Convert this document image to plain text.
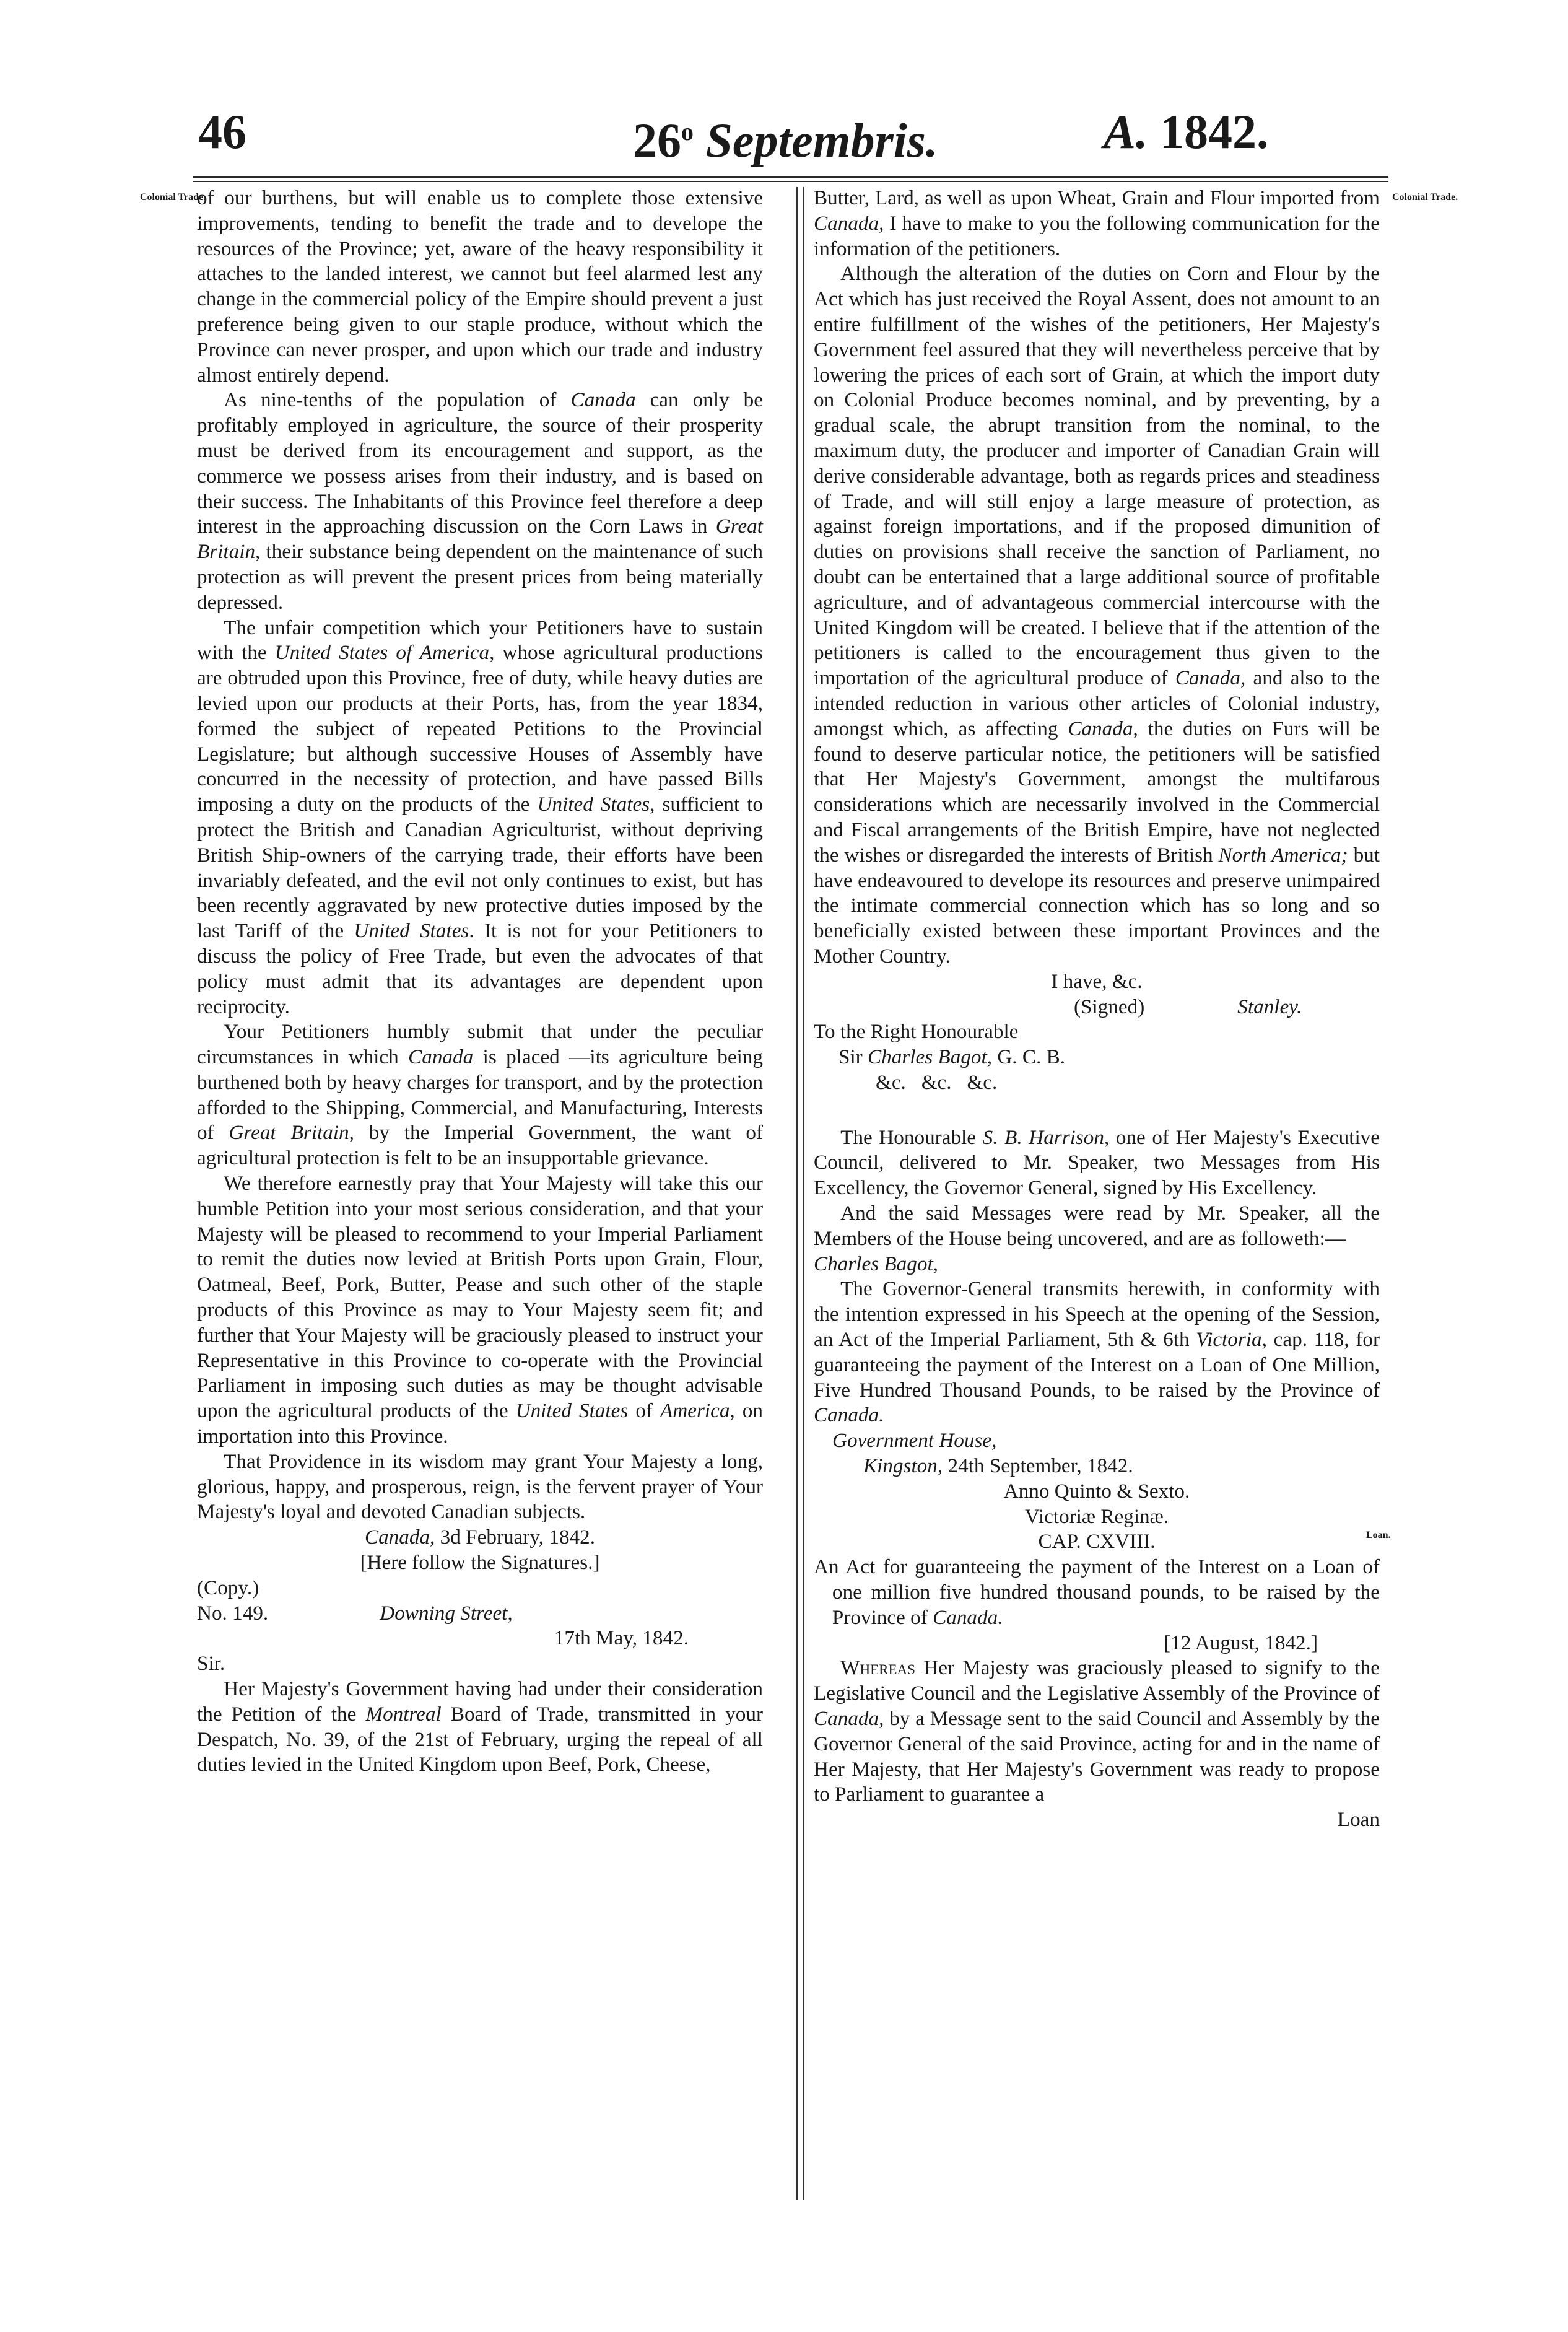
46	26$^o$ Septembris.	A. 1842.
Colonial Trade.	Colonial Trade.
Loan.

of our burthens, but will enable us to complete those extensive improvements, tending to benefit the trade and to develope the resources of the Province; yet, aware of the heavy responsibility it attaches to the landed interest, we cannot but feel alarmed lest any change in the commercial policy of the Empire should prevent a just preference being given to our staple produce, without which the Province can never prosper, and upon which our trade and industry almost entirely depend.

As nine-tenths of the population of Canada can only be profitably employed in agriculture, the source of their prosperity must be derived from its encouragement and support, as the commerce we possess arises from their industry, and is based on their success. The Inhabitants of this Province feel therefore a deep interest in the approaching discussion on the Corn Laws in Great Britain, their substance being dependent on the maintenance of such protection as will prevent the present prices from being materially depressed.

The unfair competition which your Petitioners have to sustain with the United States of America, whose agricultural productions are obtruded upon this Province, free of duty, while heavy duties are levied upon our products at their Ports, has, from the year 1834, formed the subject of repeated Petitions to the Provincial Legislature; but although successive Houses of Assembly have concurred in the necessity of protection, and have passed Bills imposing a duty on the products of the United States, sufficient to protect the British and Canadian Agriculturist, without depriving British Ship-owners of the carrying trade, their efforts have been invariably defeated, and the evil not only continues to exist, but has been recently aggravated by new protective duties imposed by the last Tariff of the United States. It is not for your Petitioners to discuss the policy of Free Trade, but even the advocates of that policy must admit that its advantages are dependent upon reciprocity.

Your Petitioners humbly submit that under the peculiar circumstances in which Canada is placed —its agriculture being burthened both by heavy charges for transport, and by the protection afforded to the Shipping, Commercial, and Manufacturing, Interests of Great Britain, by the Imperial Government, the want of agricultural protection is felt to be an insupportable grievance.

We therefore earnestly pray that Your Majesty will take this our humble Petition into your most serious consideration, and that your Majesty will be pleased to recommend to your Imperial Parliament to remit the duties now levied at British Ports upon Grain, Flour, Oatmeal, Beef, Pork, Butter, Pease and such other of the staple products of this Province as may to Your Majesty seem fit; and further that Your Majesty will be graciously pleased to instruct your Representative in this Province to co-operate with the Provincial Parliament in imposing such duties as may be thought advisable upon the agricultural products of the United States of America, on importation into this Province.

That Providence in its wisdom may grant Your Majesty a long, glorious, happy, and prosperous, reign, is the fervent prayer of Your Majesty's loyal and devoted Canadian subjects.

Canada, 3d February, 1842.

[Here follow the Signatures.]

(Copy.)

No. 149.	Downing Street,

17th May, 1842.

Sir.

Her Majesty's Government having had under their consideration the Petition of the Montreal Board of Trade, transmitted in your Despatch, No. 39, of the 21st of February, urging the repeal of all duties levied in the United Kingdom upon Beef, Pork, Cheese,

Butter, Lard, as well as upon Wheat, Grain and Flour imported from Canada, I have to make to you the following communication for the information of the petitioners.

Although the alteration of the duties on Corn and Flour by the Act which has just received the Royal Assent, does not amount to an entire fulfillment of the wishes of the petitioners, Her Majesty's Government feel assured that they will nevertheless perceive that by lowering the prices of each sort of Grain, at which the import duty on Colonial Produce becomes nominal, and by preventing, by a gradual scale, the abrupt transition from the nominal, to the maximum duty, the producer and importer of Canadian Grain will derive considerable advantage, both as regards prices and steadiness of Trade, and will still enjoy a large measure of protection, as against foreign importations, and if the proposed dimunition of duties on provisions shall receive the sanction of Parliament, no doubt can be entertained that a large additional source of profitable agriculture, and of advantageous commercial intercourse with the United Kingdom will be created. I believe that if the attention of the petitioners is called to the encouragement thus given to the importation of the agricultural produce of Canada, and also to the intended reduction in various other articles of Colonial industry, amongst which, as affecting Canada, the duties on Furs will be found to deserve particular notice, the petitioners will be satisfied that Her Majesty's Government, amongst the multifarous considerations which are necessarily involved in the Commercial and Fiscal arrangements of the British Empire, have not neglected the wishes or disregarded the interests of British North America; but have endeavoured to develope its resources and preserve unimpaired the intimate commercial connection which has so long and so beneficially existed between these important Provinces and the Mother Country.

I have, &c.

(Signed)	Stanley.

To the Right Honourable

Sir Charles Bagot, G. C. B.

&c.   &c.   &c.

The Honourable S. B. Harrison, one of Her Majesty's Executive Council, delivered to Mr. Speaker, two Messages from His Excellency, the Governor General, signed by His Excellency.

And the said Messages were read by Mr. Speaker, all the Members of the House being uncovered, and are as followeth:—

Charles Bagot,

The Governor-General transmits herewith, in conformity with the intention expressed in his Speech at the opening of the Session, an Act of the Imperial Parliament, 5th & 6th Victoria, cap. 118, for guaranteeing the payment of the Interest on a Loan of One Million, Five Hundred Thousand Pounds, to be raised by the Province of Canada.

Government House,

Kingston, 24th September, 1842.

Anno Quinto & Sexto.

Victoriæ Reginæ.

CAP. CXVIII.

An Act for guaranteeing the payment of the Interest on a Loan of one million five hundred thousand pounds, to be raised by the Province of Canada.

[12 August, 1842.]

Whereas Her Majesty was graciously pleased to signify to the Legislative Council and the Legislative Assembly of the Province of Canada, by a Message sent to the said Council and Assembly by the Governor General of the said Province, acting for and in the name of Her Majesty, that Her Majesty's Government was ready to propose to Parliament to guarantee a

Loan
